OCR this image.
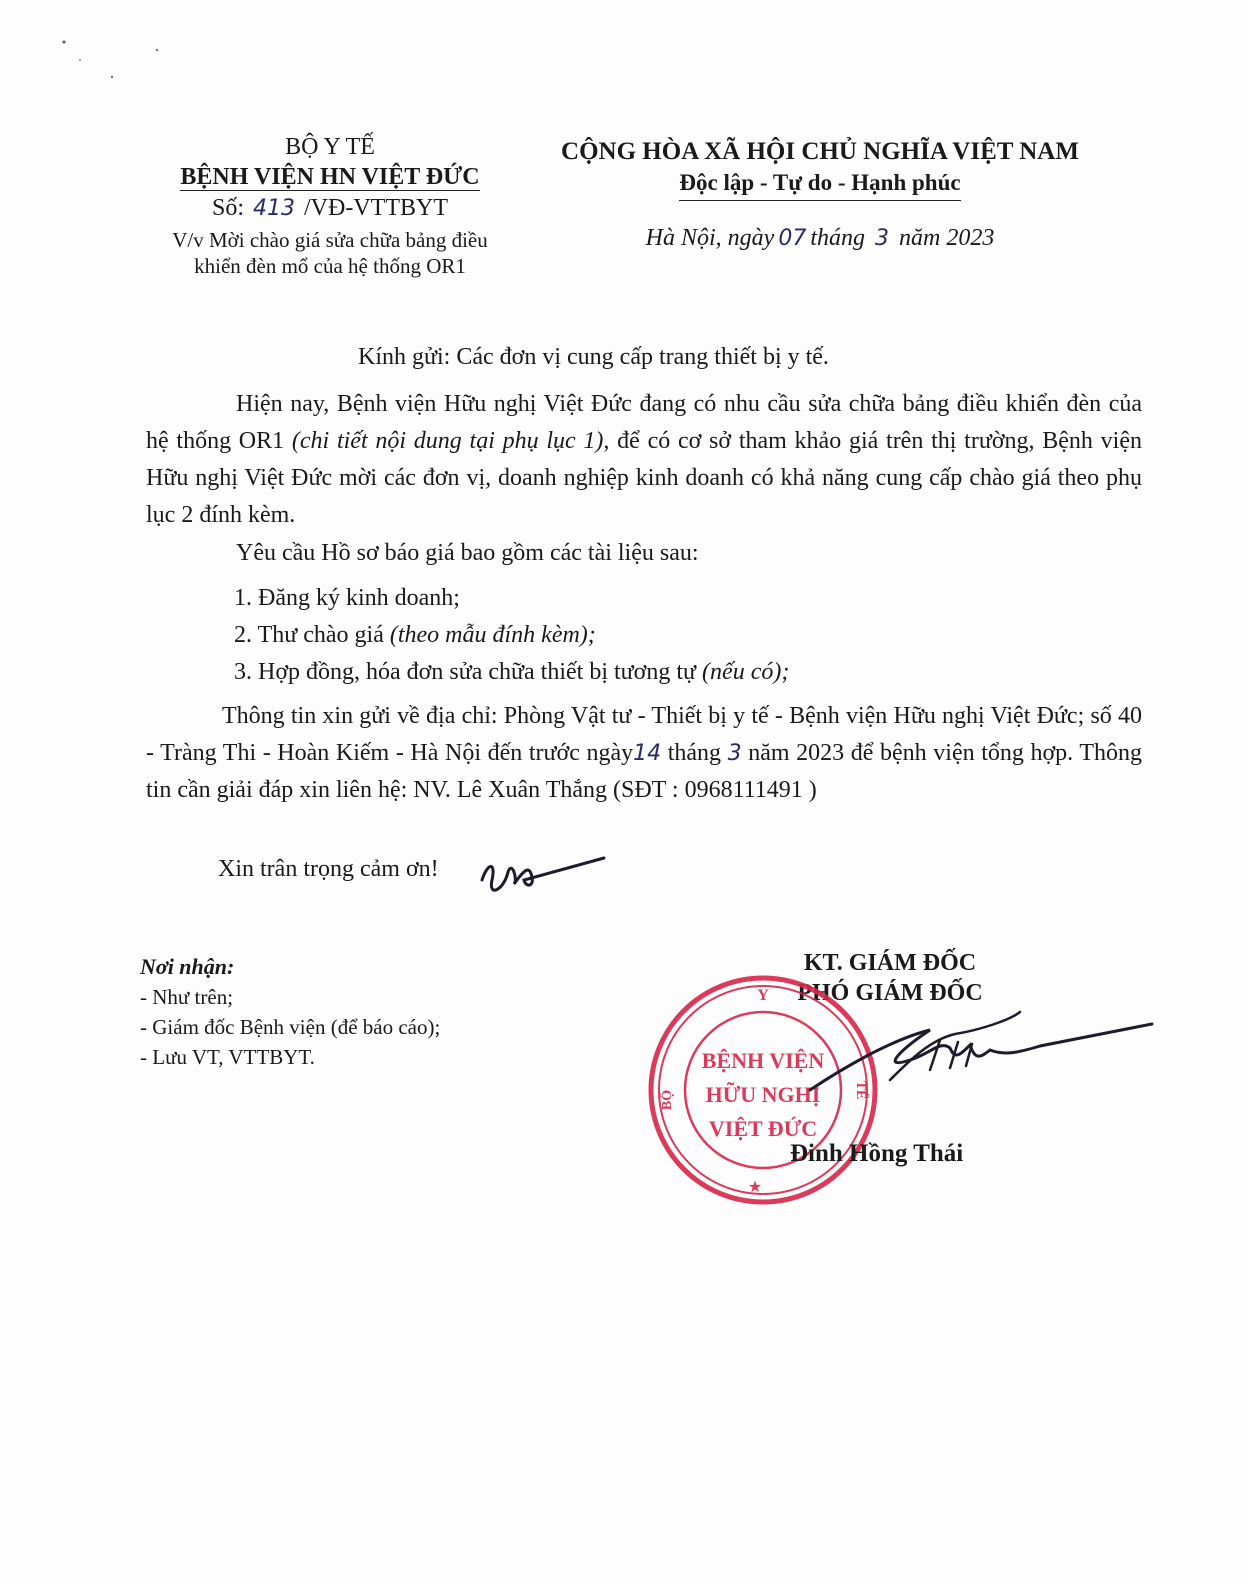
BỘ Y TẾ
BỆNH VIỆN HN VIỆT ĐỨC
Số: 413 /VĐ-VTTBYT
V/v Mời chào giá sửa chữa bảng điều
khiển đèn mổ của hệ thống OR1
CỘNG HÒA XÃ HỘI CHỦ NGHĨA VIỆT NAM
Độc lập - Tự do - Hạnh phúc
Hà Nội, ngày 07 tháng 3 năm 2023
Kính gửi: Các đơn vị cung cấp trang thiết bị y tế.
Hiện nay, Bệnh viện Hữu nghị Việt Đức đang có nhu cầu sửa chữa bảng điều khiển đèn của hệ thống OR1 (chi tiết nội dung tại phụ lục 1), để có cơ sở tham khảo giá trên thị trường, Bệnh viện Hữu nghị Việt Đức mời các đơn vị, doanh nghiệp kinh doanh có khả năng cung cấp chào giá theo phụ lục 2 đính kèm.
Yêu cầu Hồ sơ báo giá bao gồm các tài liệu sau:
1. Đăng ký kinh doanh;
2. Thư chào giá (theo mẫu đính kèm);
3. Hợp đồng, hóa đơn sửa chữa thiết bị tương tự (nếu có);
Thông tin xin gửi về địa chỉ: Phòng Vật tư - Thiết bị y tế - Bệnh viện Hữu nghị Việt Đức; số 40 - Tràng Thi - Hoàn Kiếm - Hà Nội đến trước ngày14 tháng 3 năm 2023 để bệnh viện tổng hợp. Thông tin cần giải đáp xin liên hệ: NV. Lê Xuân Thắng (SĐT : 0968111491 )
Xin trân trọng cảm ơn!
Nơi nhận:
- Như trên;
- Giám đốc Bệnh viện (để báo cáo);
- Lưu VT, VTTBYT.
KT. GIÁM ĐỐC
PHÓ GIÁM ĐỐC
Y
BỘ	TẾ
BỆNH VIỆN
HỮU NGHỊ
VIỆT ĐỨC
★
Đinh Hồng Thái
